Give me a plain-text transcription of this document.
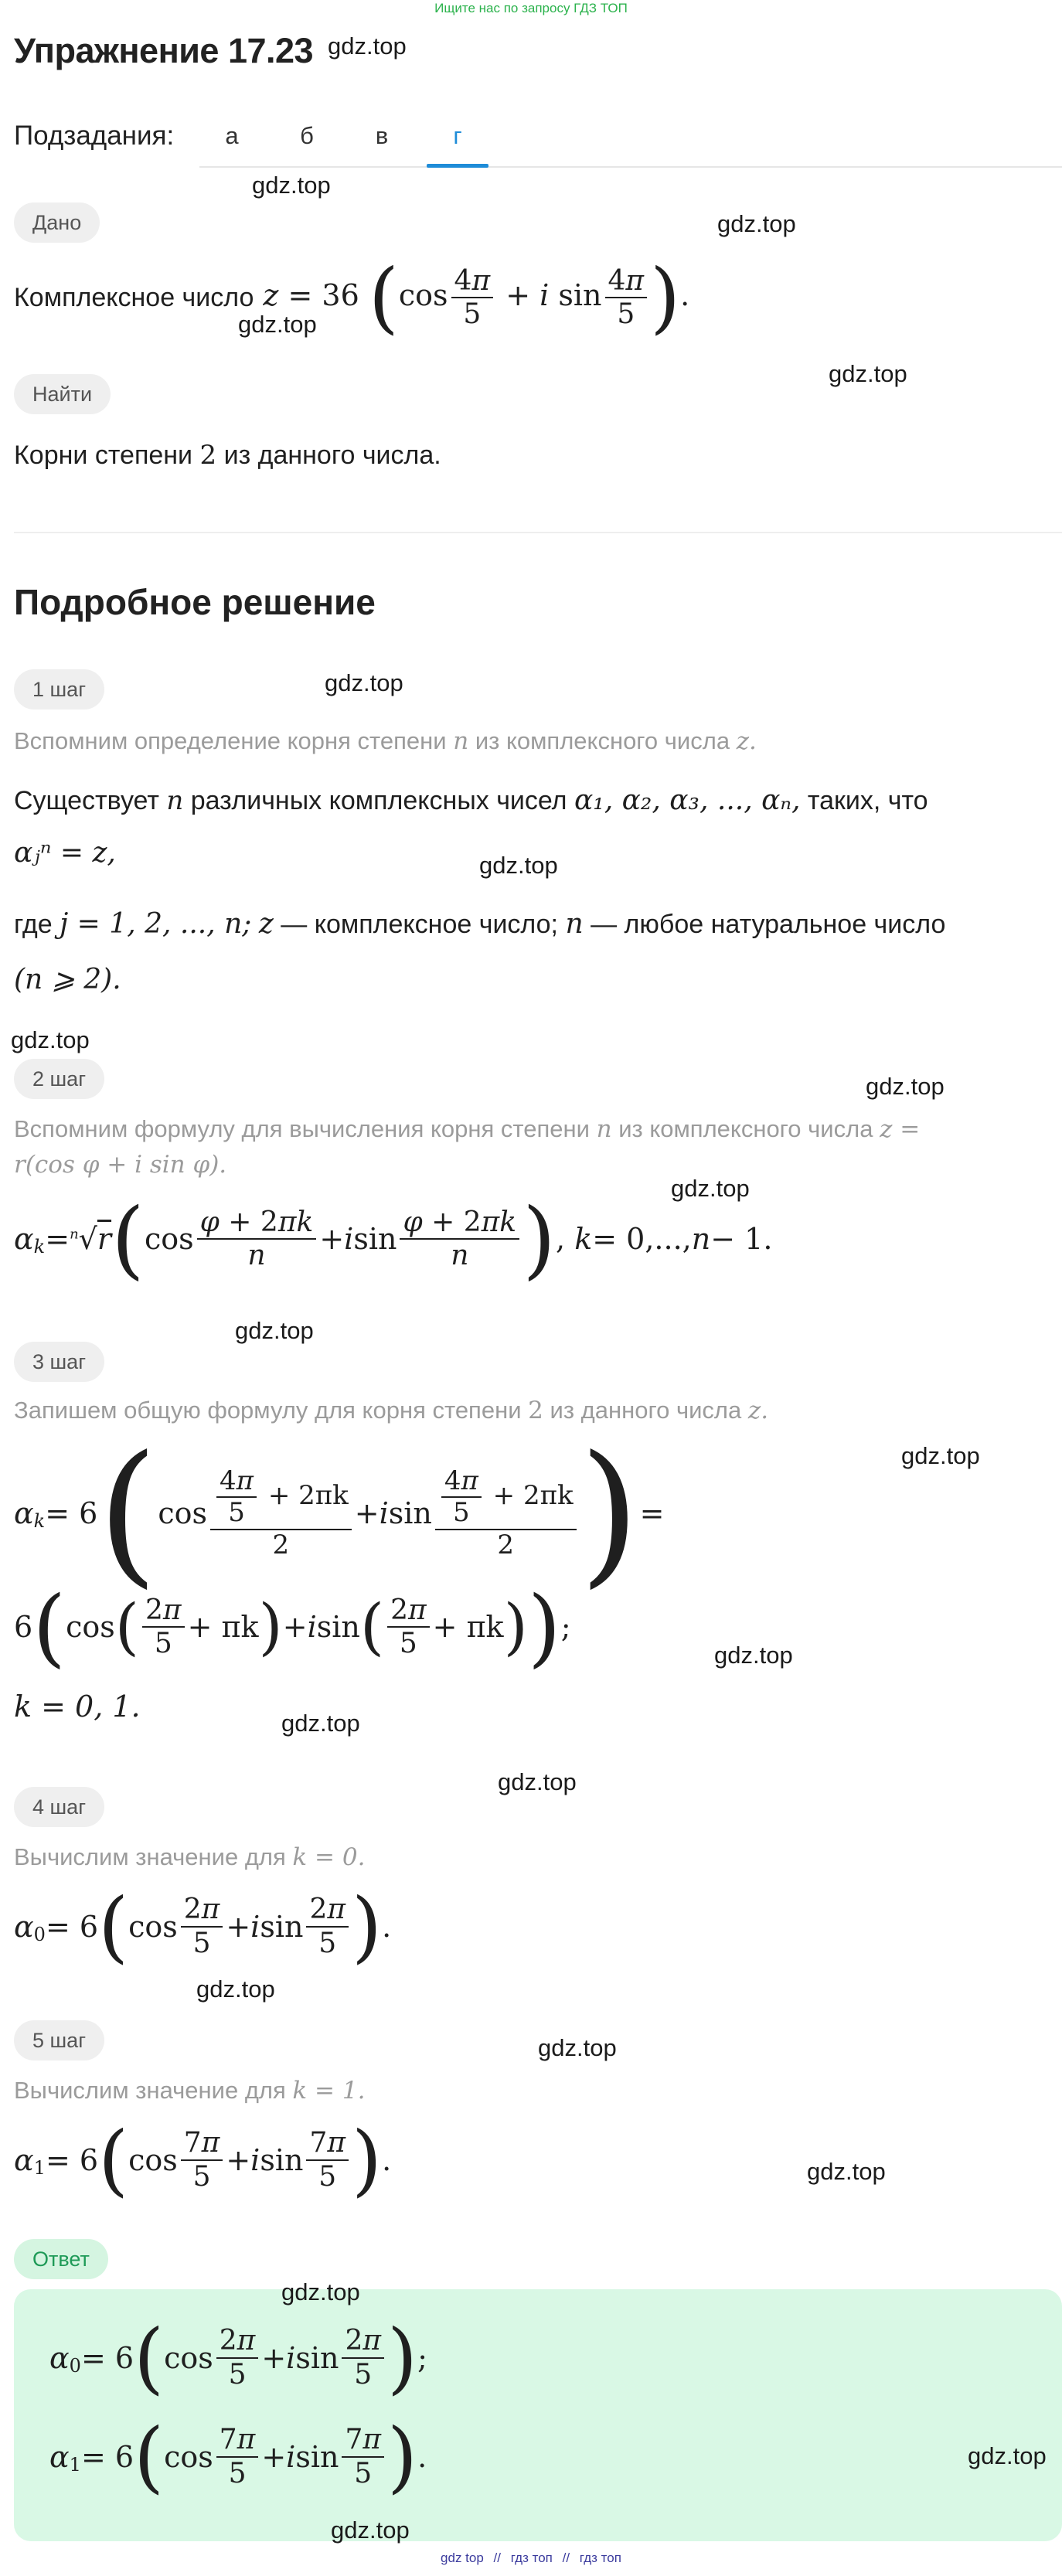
Ищите нас по запросу ГДЗ ТОП
Упражнение 17.23
Подзадания:	а	б	в	г
Дано
Комплексное число z = 36 ($\cos \frac{4\pi}{5} + i$ $\sin \frac{4\pi}{5}$ ).
Найти
Корни степени 2 из данного числа.
Подробное решение
1 шаг
Вспомним определение корня степени n из комплексного числа z.
Существует n различных комплексных чисел α₁, α₂, α₃, ..., αₙ, таких, что
αⱼⁿ = z,
где j = 1, 2, ..., n; z — комплексное число; n — любое натуральное число
(n ⩾ 2).
2 шаг
Вспомним формулу для вычисления корня степени n из комплексного числа z =
r(cos φ + i sin φ).
α k = $^n$√ r ( $\cos \frac{\varphi + 2\pi k}{n} + i$ $\sin \frac{\varphi + 2\pi k}{n}$ ) , k = 0,..., n − 1.
3 шаг
Запишем общую формулу для корня степени 2 из данного числа z.
α k = 6 ( $\cos \frac{\frac{4\pi}{5} + 2\pi k}{2} + i$ $\sin \frac{\frac{4\pi}{5} + 2\pi k}{2}$ ) =
6 ( cos ( $\frac{2\pi}{5} + \pi k$ ) + i sin ( $\frac{2\pi}{5} + \pi k$ ) ) ;
k = 0, 1.
4 шаг
Вычислим значение для k = 0.
α 0 = 6 ( $\cos \frac{2\pi}{5} + i$ $\sin \frac{2\pi}{5}$ ) .
5 шаг
Вычислим значение для k = 1.
α 1 = 6 ( $\cos \frac{7\pi}{5} + i$ $\sin \frac{7\pi}{5}$ ) .
Ответ
α 0 = 6 ( $\cos \frac{2\pi}{5} + i$ $\sin \frac{2\pi}{5}$ ) ;
α 1 = 6 ( $\cos \frac{7\pi}{5} + i$ $\sin \frac{7\pi}{5}$ ) .
gdz.top
gdz.top
gdz.top
gdz.top
gdz.top
gdz.top
gdz.top
gdz.top
gdz.top
gdz.top
gdz.top
gdz.top
gdz.top
gdz.top
gdz.top
gdz.top
gdz.top
gdz.top
gdz.top
gdz.top
gdz.top
gdz top // гдз топ // гдз топ
